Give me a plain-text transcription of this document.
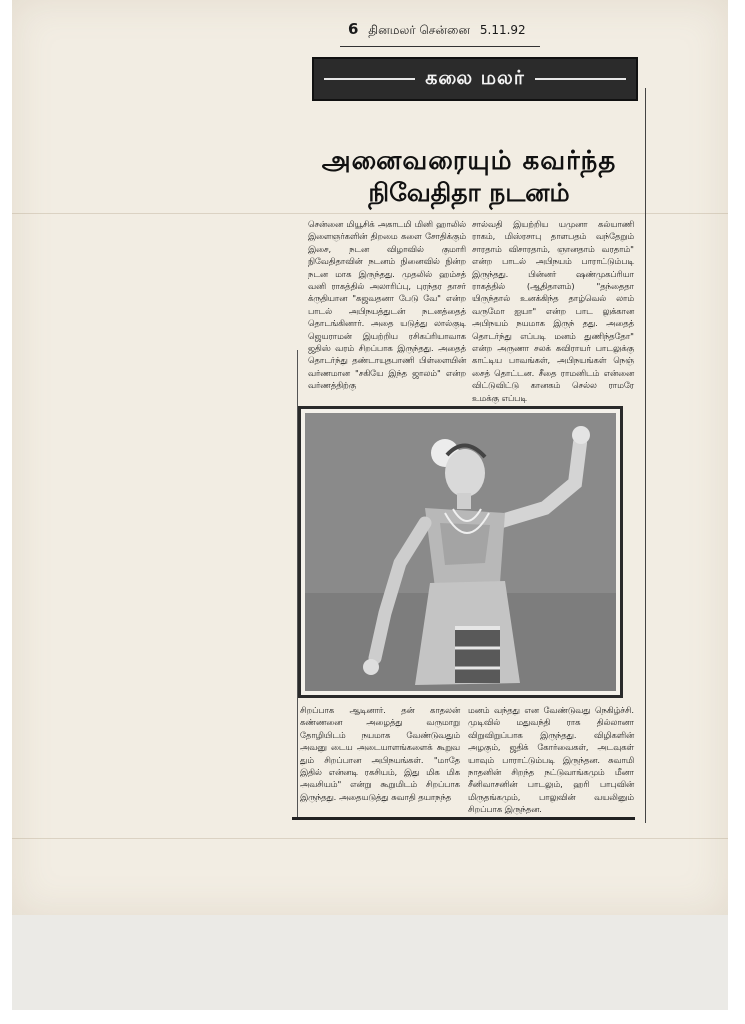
6 தினமலர் சென்னை 5.11.92
கலை மலர்
அனைவரையும் கவர்ந்த
நிவேதிதா நடனம்

சென்னை மியூசிக் அகாடமி மினி ஹாலில் இளைஞர்களின் திறமை களை சோதிக்கும் இசை, நடன விழாவில் குமாரி நிவேதிதாவின் நடனம் நினைவில் நின்ற நடன மாக இருந்தது. முதலில் ஹம்சத் வனி ராகத்தில் அலாரிப்பு, புரந்தர தாசர் க்ருதியான "கஜவதனா பேடு வே" என்ற பாடல் அபிநயத்துடன் நடனத்தைத் தொடங்கினார். அதை யடுத்து லால்குடி ஜெயராமன் இயற்றிய ரசிகப்ரியாவாக ஜதிஸ் வரம் சிறப்பாக இருந்தது. அதைத் தொடர்ந்து தண்டாயுதபாணி பிள்ளையின் வர்ணமான "சகியே இந்த ஜாலம்" என்ற வர்ணத்திற்கு

சால்வதி இயற்றிய யமுனா கல்யாணி ராகம், மிஸ்ரசாபு தாளபதம் வந்தேறும் சாரதாம் விசாரதாம், ஞானதாம் வரதாம்" என்ற பாடல் அபிநயம் பாராட்டும்படி இருந்தது. பின்னர் ஷண்முகப்ரியா ராகத்தில் (ஆதிதாளம்) "தந்தைதா யிருந்தால் உனக்கிந்த தாழ்வெல் லாம் வருமோ ஐயா" என்ற பாட லுக்கான அபிநயம் நயமாக இருந் தது. அதைத் தொடர்ந்து எப்படி மனம் துணிந்ததோ" என்ற அருணா சலக் கவிராயர் பாடலுக்கு காட்டிய பாவங்கள், அபிநயங்கள் நெஞ் சைத் தொட்டன. சீதை ராமனிடம் என்னை விட்டுவிட்டு கானகம் செல்ல ராமரே உமக்கு எப்படி

சிறப்பாக ஆடினார். தன் காதலன் கண்ணனை அழைத்து வருமாறு தோழியிடம் நயமாக வேண்டுவதும் அவனு டைய அடையாளங்களைக் கூறுவ தும் சிறப்பான அபிநயங்கள். "மாதே இதில் என்னடி ரகசியம், இது மிக மிக அவசியம்" என்று கூறுமிடம் சிறப்பாக இருந்தது. அதையடுத்து சுவாதி தயாநந்த

மனம் வந்தது என வேண்டுவது நெகிழ்ச்சி. முடிவில் மதுவந்தி ராக தில்லானா விறுவிறுப்பாக இருந்தது. விழிகளின் அழகும், ஜதிக் கோர்வைகள், அடவுகள் யாவும் பாராட்டும்படி இருந்தன. சுவாமி நாதனின் சிறந்த நட்டுவாங்கமும் மீனா சீனிவாசனின் பாடலும், ஹரி பாபுவின் மிருதங்கமும், பாலுவின் வயலினும் சிறப்பாக இருந்தன.
